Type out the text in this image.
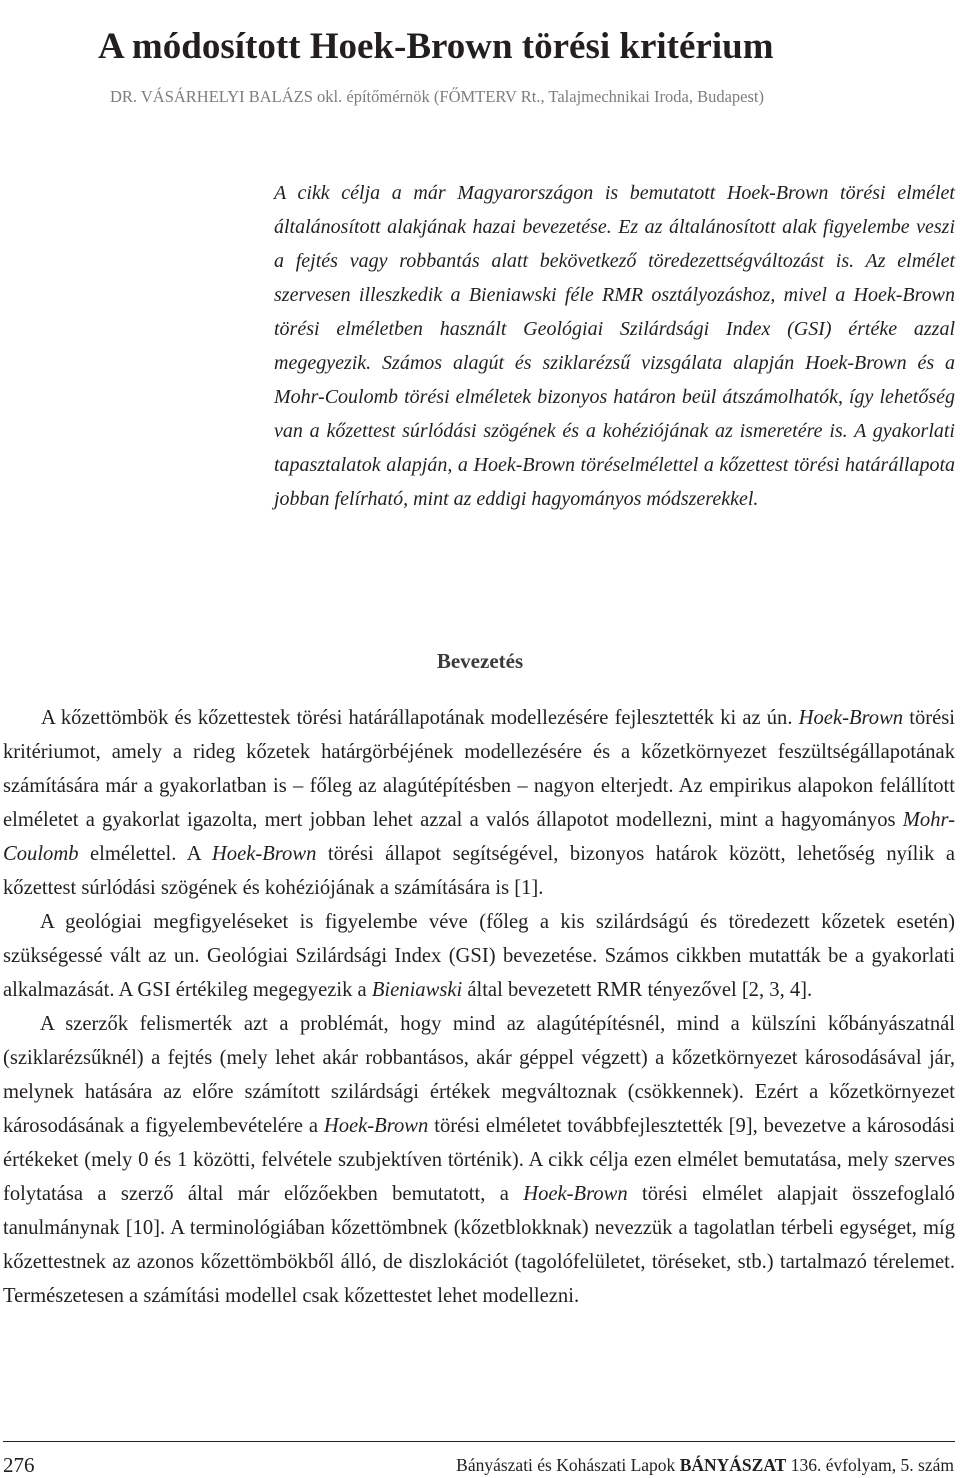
A módosított Hoek-Brown törési kritérium
DR. VÁSÁRHELYI BALÁZS okl. építőmérnök (FŐMTERV Rt., Talajmechnikai Iroda, Budapest)
A cikk célja a már Magyarországon is bemutatott Hoek-Brown törési elmélet általánosított alakjának hazai bevezetése. Ez az általánosított alak figyelembe veszi a fejtés vagy robbantás alatt bekövetkező töredezettségváltozást is. Az elmélet szervesen illeszkedik a Bieniawski féle RMR osztályozáshoz, mivel a Hoek-Brown törési elméletben használt Geológiai Szilárdsági Index (GSI) értéke azzal megegyezik. Számos alagút és sziklarézsű vizsgálata alapján Hoek-Brown és a Mohr-Coulomb törési elméletek bizonyos határon beül átszámolhatók, így lehetőség van a kőzettest súrlódási szögének és a kohéziójának az ismeretére is. A gyakorlati tapasztalatok alapján, a Hoek-Brown töréselmélettel a kőzettest törési határállapota jobban felírható, mint az eddigi hagyományos módszerekkel.
Bevezetés

A kőzettömbök és kőzettestek törési határállapotának modellezésére fejlesztették ki az ún. Hoek-Brown törési kritériumot, amely a rideg kőzetek határgörbéjének modellezésére és a kőzetkörnyezet feszültségállapotának számítására már a gyakorlatban is – főleg az alagútépítésben – nagyon elterjedt. Az empirikus alapokon felállított elméletet a gyakorlat igazolta, mert jobban lehet azzal a valós állapotot modellezni, mint a hagyományos Mohr-Coulomb elmélettel. A Hoek-Brown törési állapot segítségével, bizonyos határok között, lehetőség nyílik a kőzettest súrlódási szögének és kohéziójának a számítására is [1].

A geológiai megfigyeléseket is figyelembe véve (főleg a kis szilárdságú és töredezett kőzetek esetén) szükségessé vált az un. Geológiai Szilárdsági Index (GSI) bevezetése. Számos cikkben mutatták be a gyakorlati alkalmazását. A GSI értékileg megegyezik a Bieniawski által bevezetett RMR tényezővel [2, 3, 4].

A szerzők felismerték azt a problémát, hogy mind az alagútépítésnél, mind a külszíni kőbányászatnál (sziklarézsűknél) a fejtés (mely lehet akár robbantásos, akár géppel végzett) a kőzetkörnyezet károsodásával jár, melynek hatására az előre számított szilárdsági értékek megváltoznak (csökkennek). Ezért a kőzetkörnyezet károsodásának a figyelembevételére a Hoek-Brown törési elméletet továbbfejlesztették [9], bevezetve a károsodási értékeket (mely 0 és 1 közötti, felvétele szubjektíven történik). A cikk célja ezen elmélet bemutatása, mely szerves folytatása a szerző által már előzőekben bemutatott, a Hoek-Brown törési elmélet alapjait összefoglaló tanulmánynak [10]. A terminológiában kőzettömbnek (kőzetblokknak) nevezzük a tagolatlan térbeli egységet, míg kőzettestnek az azonos kőzettömbökből álló, de diszlokációt (tagolófelületet, töréseket, stb.) tartalmazó térelemet. Természetesen a számítási modellel csak kőzettestet lehet modellezni.

276	Bányászati és Kohászati Lapok BÁNYÁSZAT 136. évfolyam, 5. szám
